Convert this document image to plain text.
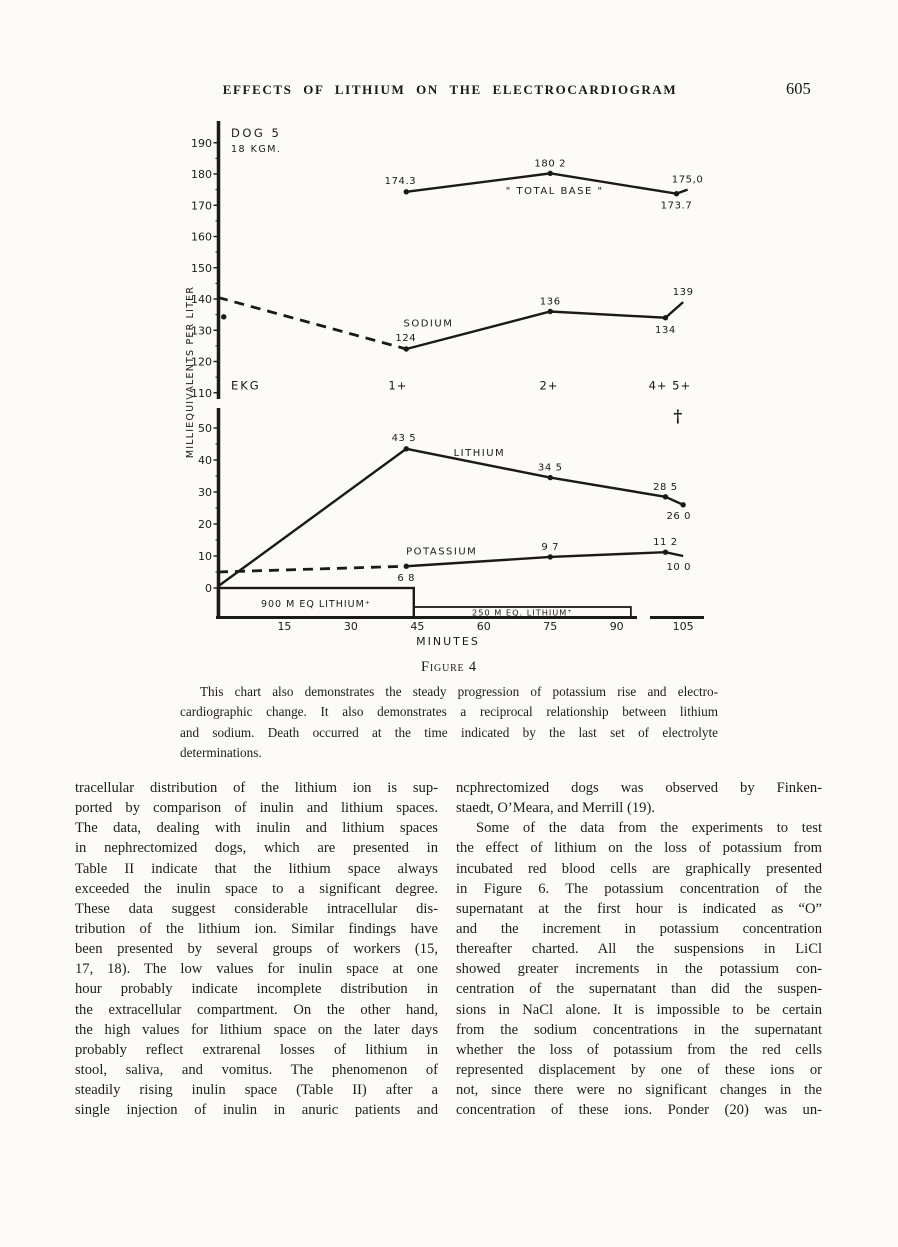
EFFECTS OF LITHIUM ON THE ELECTROCARDIOGRAM	605
190
180
170
160
150
140
130
120
110
50
40
30
20
10
0
15	30	45	60	75	90	105
MINUTES
MILLIEQUIVALENTS PER LITER
DOG 5
18 KGM.
174.3
180 2
173.7
175,0
" TOTAL BASE "
124
136
134
139
SODIUM
43 5
34 5
28 5
26 0
LITHIUM
6 8
9 7	11 2
10 0
POTASSIUM
EKG	1+	2+	4+ 5+
†
900 M EQ LITHIUM⁺
250 M EQ. LITHIUM⁺
Figure 4
This chart also demonstrates the steady progression of potassium rise and electro-
cardiographic change. It also demonstrates a reciprocal relationship between lithium
and sodium. Death occurred at the time indicated by the last set of electrolyte
determinations.
tracellular distribution of the lithium ion is sup-
ported by comparison of inulin and lithium spaces.
The data, dealing with inulin and lithium spaces
in nephrectomized dogs, which are presented in
Table II indicate that the lithium space always
exceeded the inulin space to a significant degree.
These data suggest considerable intracellular dis-
tribution of the lithium ion. Similar findings have
been presented by several groups of workers (15,
17, 18). The low values for inulin space at one
hour probably indicate incomplete distribution in
the extracellular compartment. On the other hand,
the high values for lithium space on the later days
probably reflect extrarenal losses of lithium in
stool, saliva, and vomitus. The phenomenon of
steadily rising inulin space (Table II) after a
single injection of inulin in anuric patients and
ncphrectomized dogs was observed by Finken-
staedt, O’Meara, and Merrill (19).
Some of the data from the experiments to test
the effect of lithium on the loss of potassium from
incubated red blood cells are graphically presented
in Figure 6. The potassium concentration of the
supernatant at the first hour is indicated as “O”
and the increment in potassium concentration
thereafter charted. All the suspensions in LiCl
showed greater increments in the potassium con-
centration of the supernatant than did the suspen-
sions in NaCl alone. It is impossible to be certain
from the sodium concentrations in the supernatant
whether the loss of potassium from the red cells
represented displacement by one of these ions or
not, since there were no significant changes in the
concentration of these ions. Ponder (20) was un-
